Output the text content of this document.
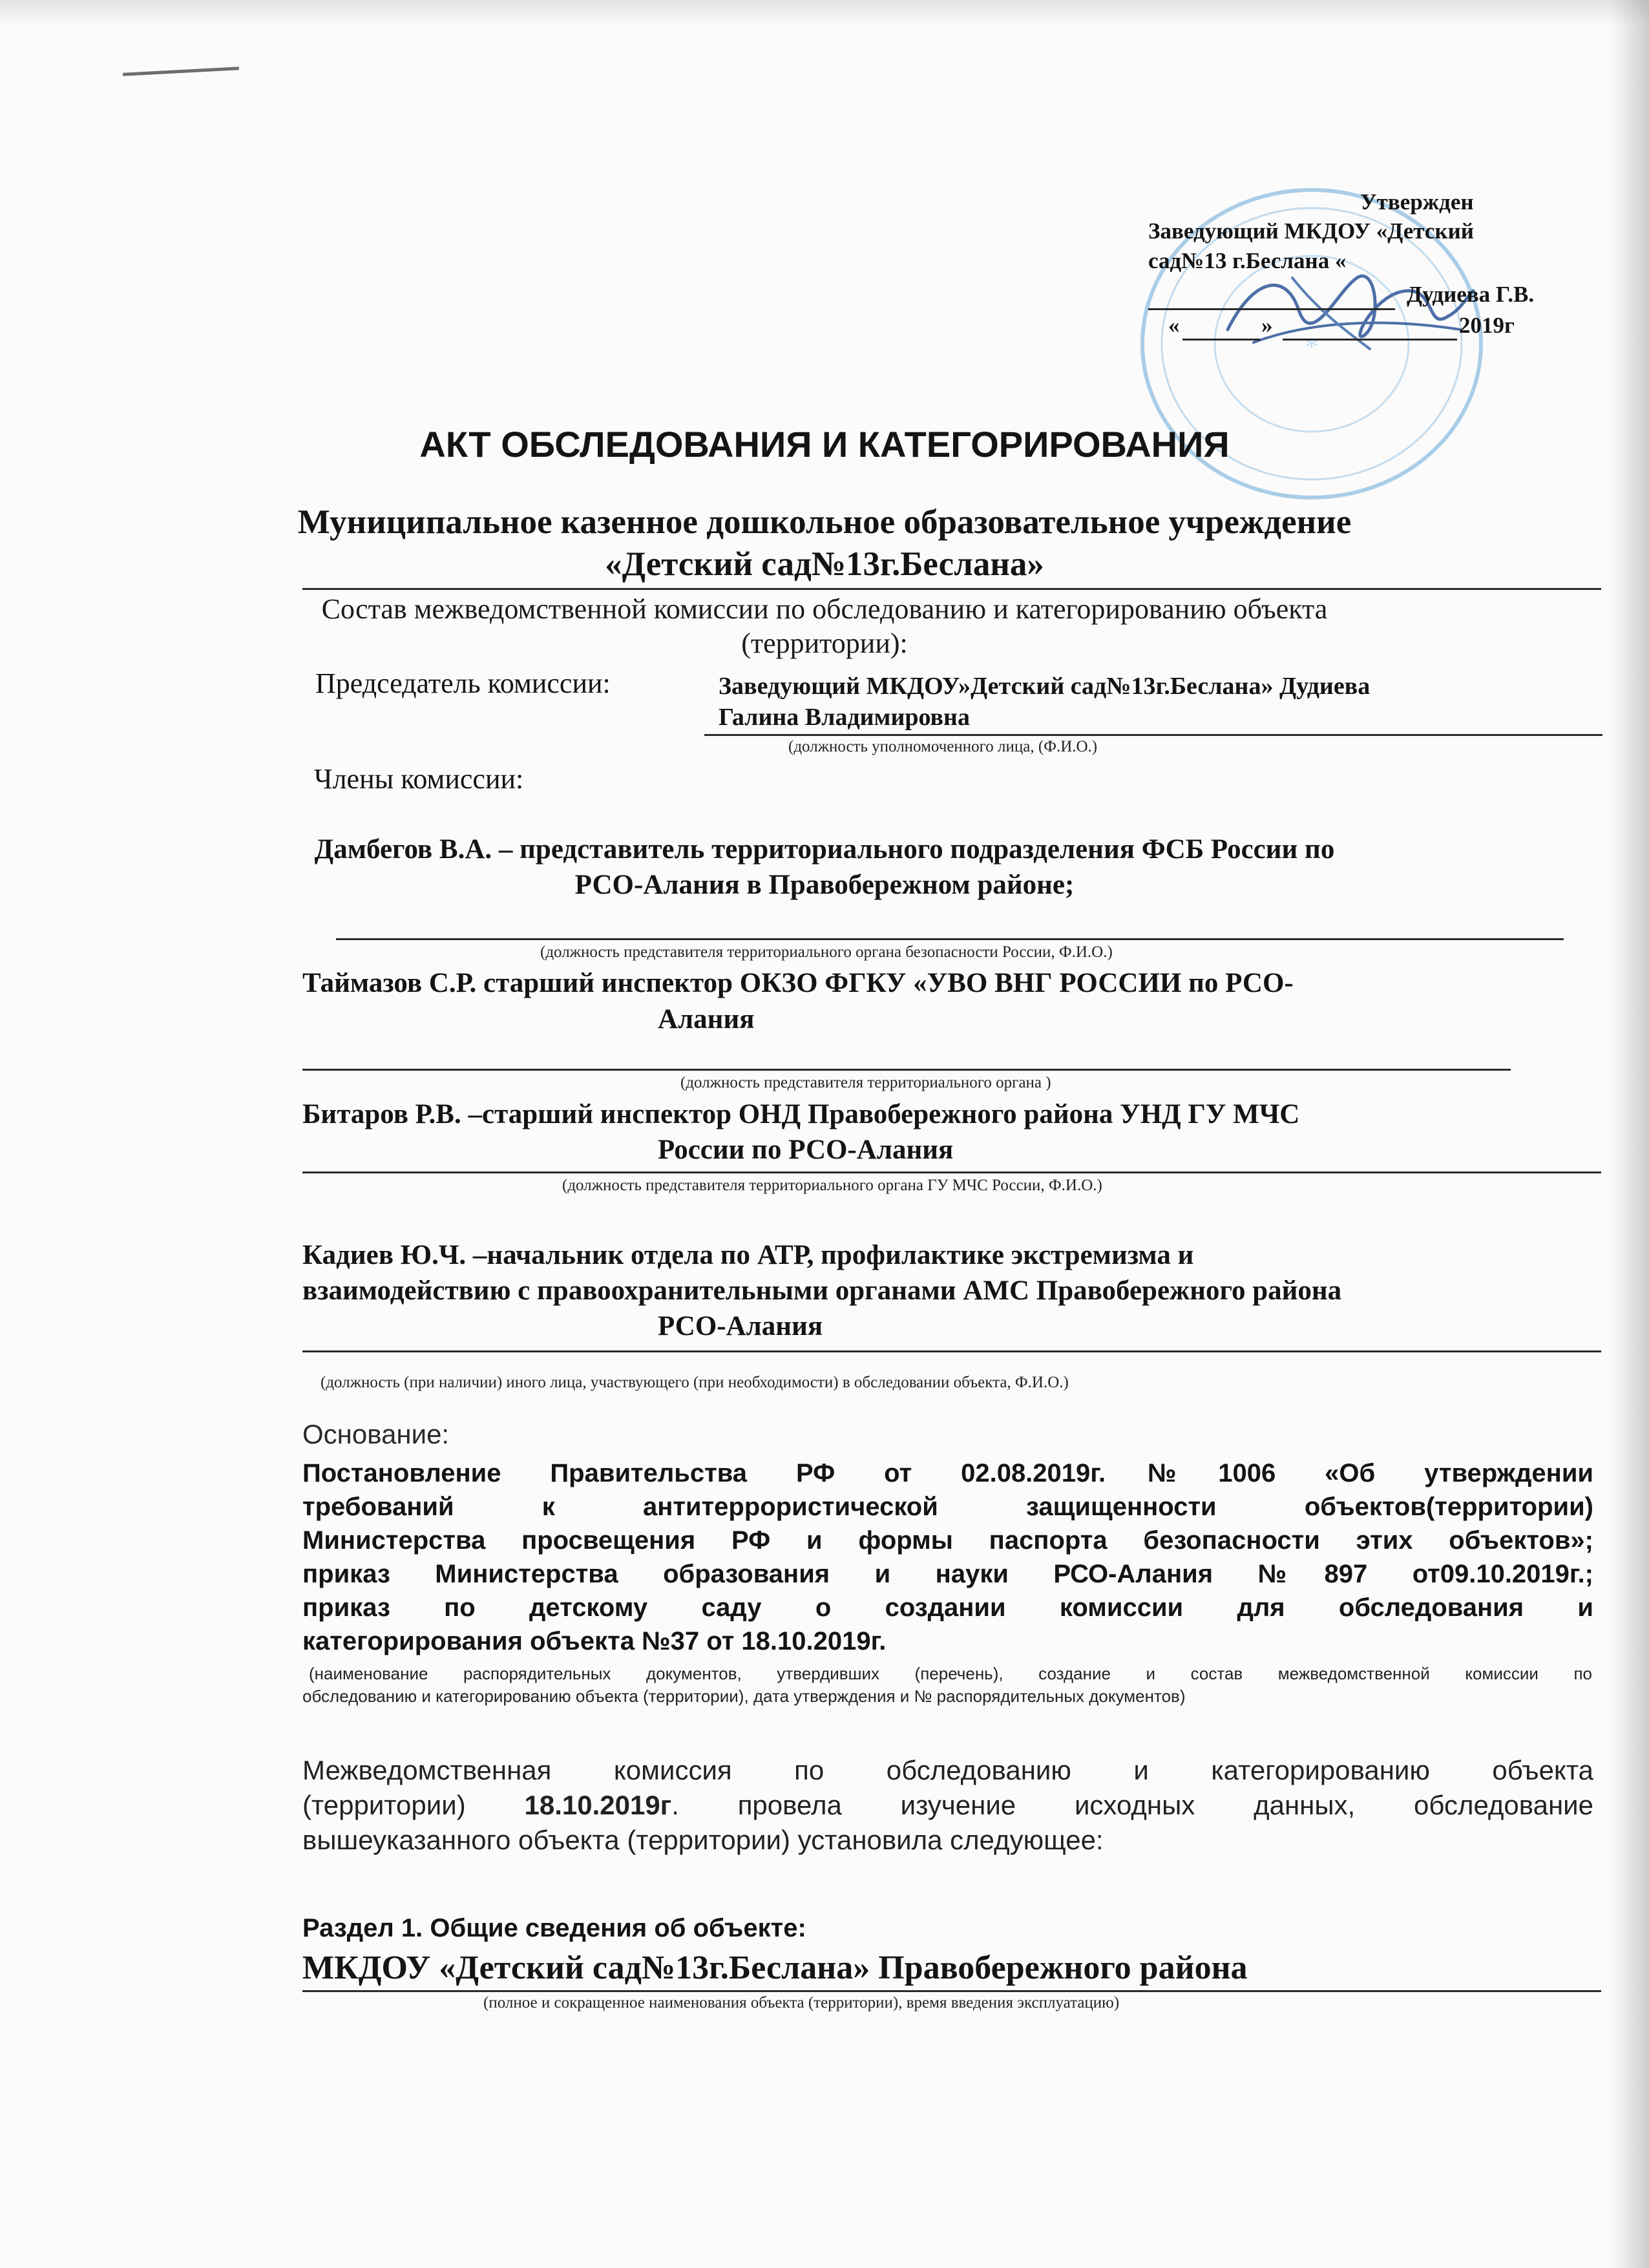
*
Утвержден
Заведующий МКДОУ «Детский
сад№13 г.Беслана «
Дудиева Г.В.
«	»	2019г
АКТ ОБСЛЕДОВАНИЯ И КАТЕГОРИРОВАНИЯ
Муниципальное казенное дошкольное образовательное учреждение
«Детский сад№13г.Беслана»
Состав межведомственной комиссии по обследованию и категорированию объекта
(территории):
Председатель комиссии:	Заведующий МКДОУ»Детский сад№13г.Беслана» Дудиева
Галина Владимировна
(должность уполномоченного лица, (Ф.И.О.)
Члены комиссии:
Дамбегов В.А. – представитель территориального подразделения ФСБ России по
РСО-Алания в Правобережном районе;
(должность представителя территориального органа безопасности России, Ф.И.О.)
Таймазов С.Р. старший инспектор ОКЗО ФГКУ «УВО ВНГ РОССИИ по РСО-
Алания
(должность представителя территориального органа )
Битаров Р.В. –старший инспектор ОНД Правобережного района УНД ГУ МЧС
России по РСО-Алания
(должность представителя территориального органа ГУ МЧС России, Ф.И.О.)
Кадиев Ю.Ч. –начальник отдела по АТР, профилактике экстремизма и
взаимодействию с правоохранительными органами АМС Правобережного района
РСО-Алания
(должность (при наличии) иного лица, участвующего (при необходимости) в обследовании объекта, Ф.И.О.)
Основание:
Постановление Правительства РФ от 02.08.2019г.№1006 «Об утверждении
требований к антитеррористической защищенности объектов(территории)
Министерства просвещения РФ и формы паспорта безопасности этих объектов»;
приказ Министерства образования и науки РСО-Алания №897 от09.10.2019г.;
приказ по детскому саду о создании комиссии для обследования и
категорирования объекта №37 от 18.10.2019г.
(наименование распорядительных документов, утвердивших (перечень), создание и состав межведомственной комиссии по
обследованию и категорированию объекта (территории), дата утверждения и № распорядительных документов)
Межведомственная комиссия по обследованию и категорированию объекта
(территории) 18.10.2019г. провела изучение исходных данных, обследование
вышеуказанного объекта (территории) установила следующее:
Раздел 1. Общие сведения об объекте:
МКДОУ «Детский сад№13г.Беслана» Правобережного района
(полное и сокращенное наименования объекта (территории), время введения эксплуатацию)
